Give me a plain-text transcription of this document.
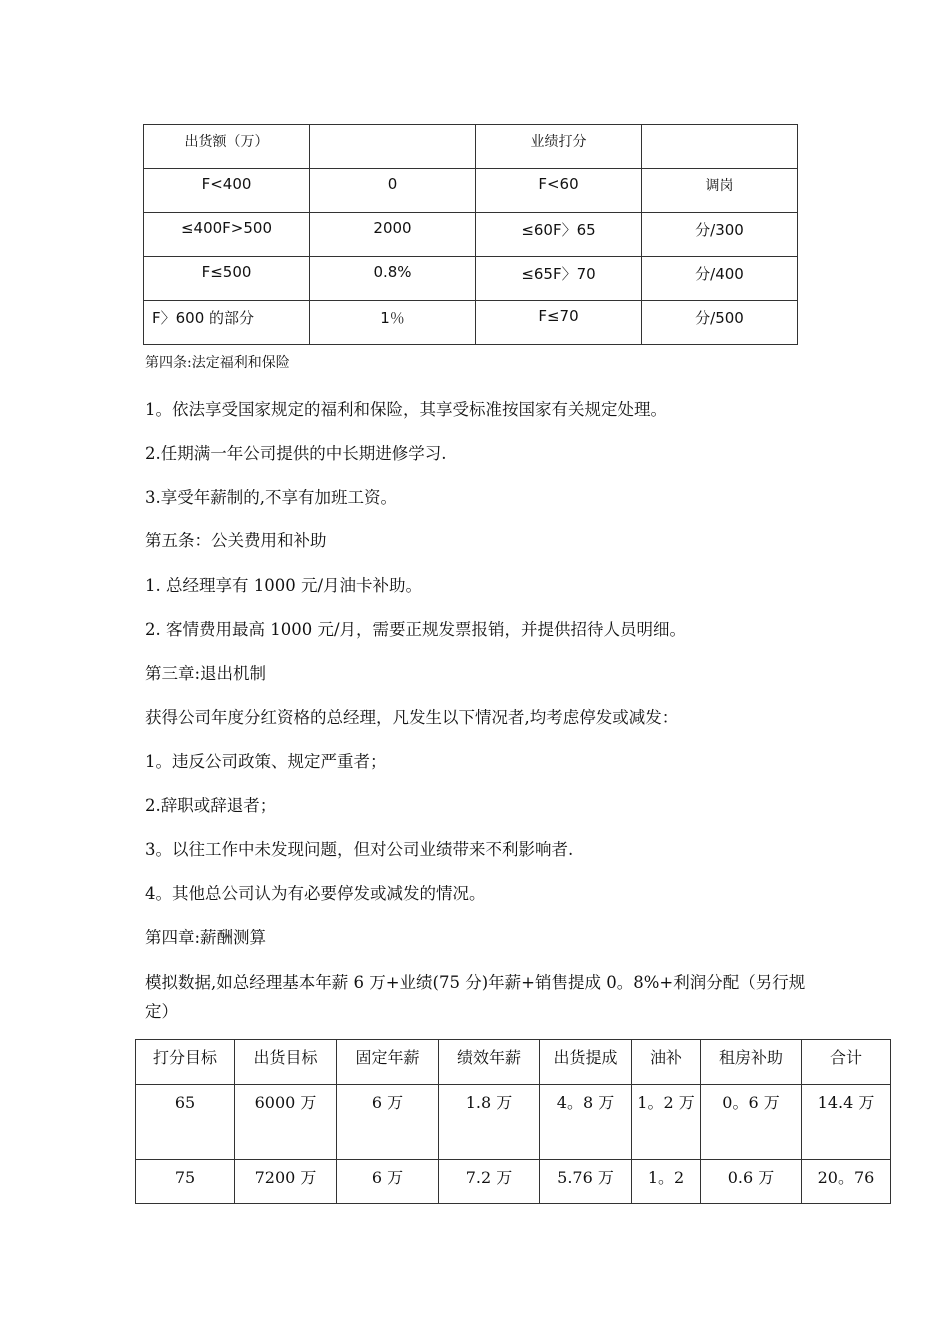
出货额（万）		业绩打分	

F<400	0	F<60	调岗

≤400F>500	2000	≤60F〉65	分/300

F≤500	0.8%	≤65F〉70	分/400

F〉600 的部分	1％	F≤70	分/500
第四条:法定福利和保险
1。依法享受国家规定的福利和保险，其享受标准按国家有关规定处理。
2.任期满一年公司提供的中长期进修学习.
3.享受年薪制的,不享有加班工资。
第五条：公关费用和补助
1. 总经理享有 1000 元/月油卡补助。
2. 客情费用最高 1000 元/月，需要正规发票报销，并提供招待人员明细。
第三章:退出机制
获得公司年度分红资格的总经理，凡发生以下情况者,均考虑停发或减发：
1。违反公司政策、规定严重者；
2.辞职或辞退者；
3。以往工作中未发现问题，但对公司业绩带来不利影响者.
4。其他总公司认为有必要停发或减发的情况。
第四章:薪酬测算
模拟数据,如总经理基本年薪 6 万+业绩(75 分)年薪+销售提成 0。8%+利润分配（另行规定）
打分目标	出货目标	固定年薪	绩效年薪	出货提成	油补	租房补助	合计
65	6000 万	6 万	1.8 万	4。8 万	1。2 万	0。6 万	14.4 万
75	7200 万	6 万	7.2 万	5.76 万	1。2	0.6 万	20。76
